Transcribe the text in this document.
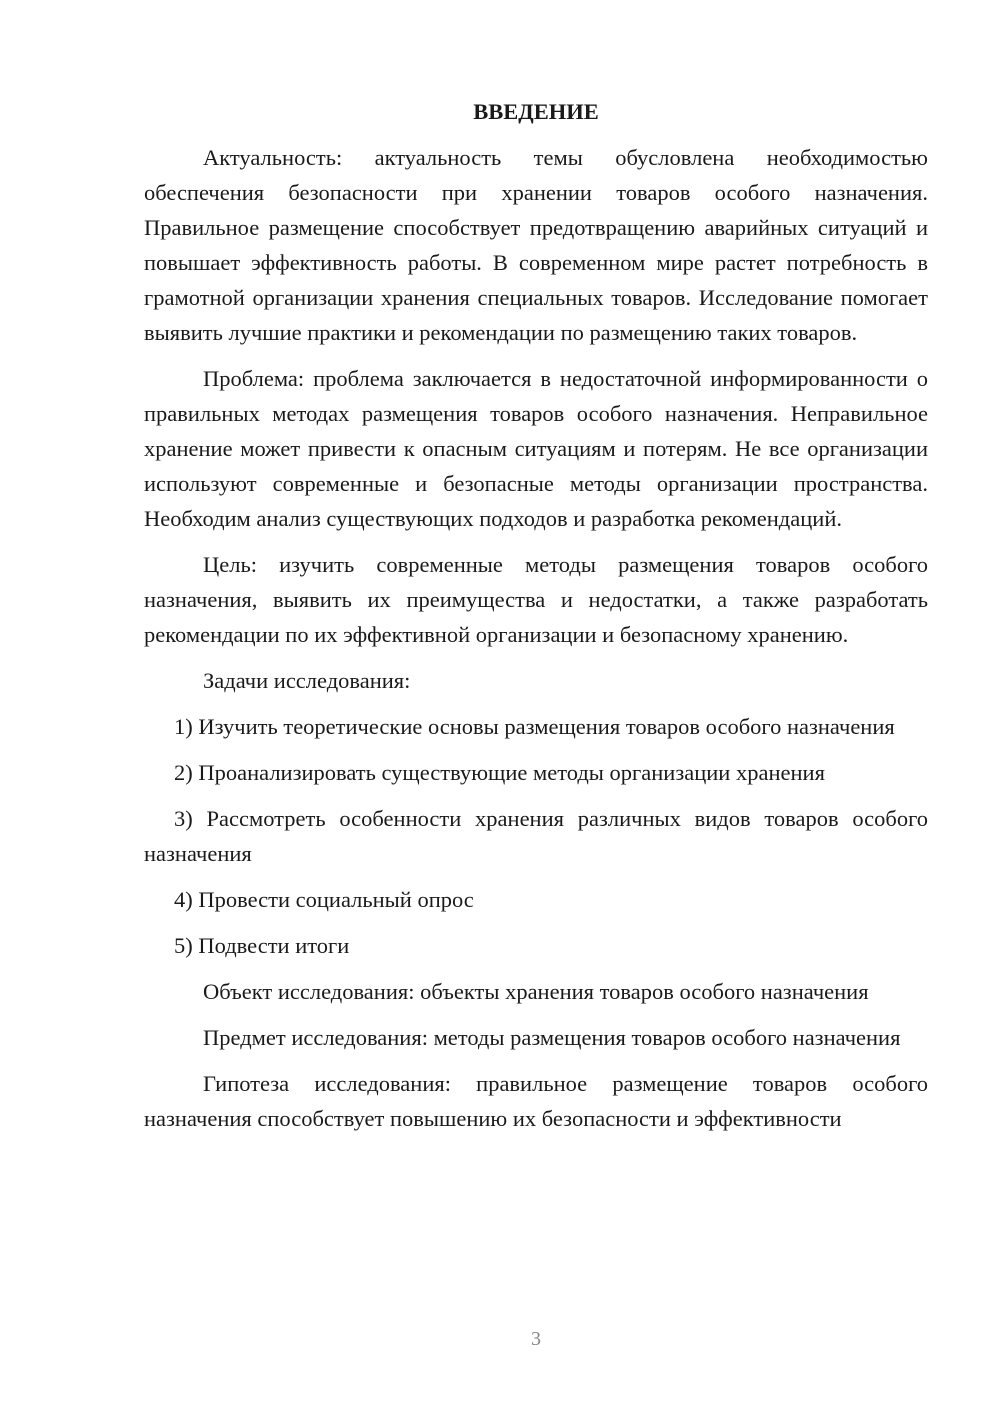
ВВЕДЕНИЕ

Актуальность: актуальность темы обусловлена необходимостью обеспечения безопасности при хранении товаров особого назначения. Правильное размещение способствует предотвращению аварийных ситуаций и повышает эффективность работы. В современном мире растет потребность в грамотной организации хранения специальных товаров. Исследование помогает выявить лучшие практики и рекомендации по размещению таких товаров.

Проблема: проблема заключается в недостаточной информированности о правильных методах размещения товаров особого назначения. Неправильное хранение может привести к опасным ситуациям и потерям. Не все организации используют современные и безопасные методы организации пространства. Необходим анализ существующих подходов и разработка рекомендаций.

Цель: изучить современные методы размещения товаров особого назначения, выявить их преимущества и недостатки, а также разработать рекомендации по их эффективной организации и безопасному хранению.

Задачи исследования:

1) Изучить теоретические основы размещения товаров особого назначения

2) Проанализировать существующие методы организации хранения

3) Рассмотреть особенности хранения различных видов товаров особого назначения

4) Провести социальный опрос

5) Подвести итоги

Объект исследования: объекты хранения товаров особого назначения

Предмет исследования: методы размещения товаров особого назначения

Гипотеза исследования: правильное размещение товаров особого назначения способствует повышению их безопасности и эффективности

3
